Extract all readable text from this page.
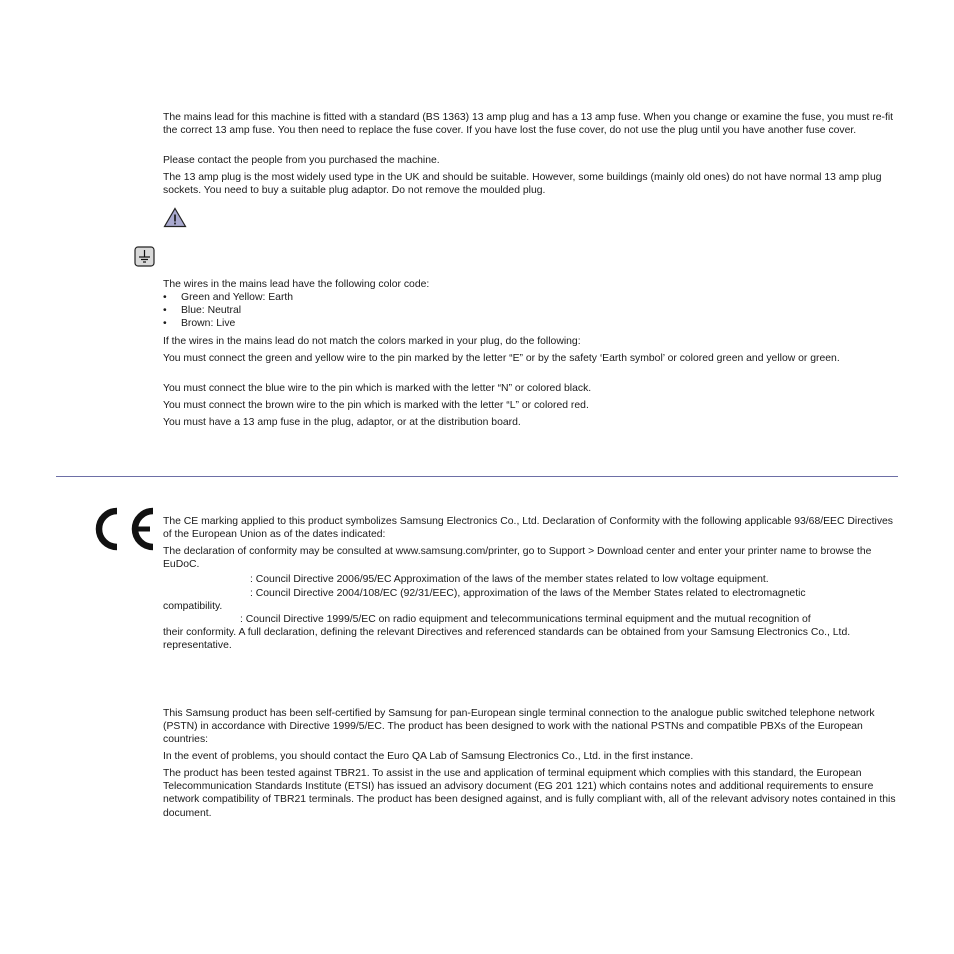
The mains lead for this machine is fitted with a standard (BS 1363) 13 amp plug and has a 13 amp fuse. When you change or examine the fuse, you must re-fit the correct 13 amp fuse. You then need to replace the fuse cover. If you have lost the fuse cover, do not use the plug until you have another fuse cover.
Please contact the people from you purchased the machine.
The 13 amp plug is the most widely used type in the UK and should be suitable. However, some buildings (mainly old ones) do not have normal 13 amp plug sockets. You need to buy a suitable plug adaptor. Do not remove the moulded plug.
The wires in the mains lead have the following color code:
• Green and Yellow: Earth
• Blue: Neutral
• Brown: Live
If the wires in the mains lead do not match the colors marked in your plug, do the following:
You must connect the green and yellow wire to the pin marked by the letter “E” or by the safety ‘Earth symbol’ or colored green and yellow or green.
You must connect the blue wire to the pin which is marked with the letter “N” or colored black.
You must connect the brown wire to the pin which is marked with the letter “L” or colored red.
You must have a 13 amp fuse in the plug, adaptor, or at the distribution board.
The CE marking applied to this product symbolizes Samsung Electronics Co., Ltd. Declaration of Conformity with the following applicable 93/68/EEC Directives of the European Union as of the dates indicated:
The declaration of conformity may be consulted at www.samsung.com/printer, go to Support > Download center and enter your printer name to browse the EuDoC.
: Council Directive 2006/95/EC Approximation of the laws of the member states related to low voltage equipment.
: Council Directive 2004/108/EC (92/31/EEC), approximation of the laws of the Member States related to electromagnetic
compatibility.
: Council Directive 1999/5/EC on radio equipment and telecommunications terminal equipment and the mutual recognition of
their conformity. A full declaration, defining the relevant Directives and referenced standards can be obtained from your Samsung Electronics Co., Ltd. representative.
This Samsung product has been self-certified by Samsung for pan-European single terminal connection to the analogue public switched telephone network (PSTN) in accordance with Directive 1999/5/EC. The product has been designed to work with the national PSTNs and compatible PBXs of the European countries:
In the event of problems, you should contact the Euro QA Lab of Samsung Electronics Co., Ltd. in the first instance.
The product has been tested against TBR21. To assist in the use and application of terminal equipment which complies with this standard, the European Telecommunication Standards Institute (ETSI) has issued an advisory document (EG 201 121) which contains notes and additional requirements to ensure network compatibility of TBR21 terminals. The product has been designed against, and is fully compliant with, all of the relevant advisory notes contained in this document.
